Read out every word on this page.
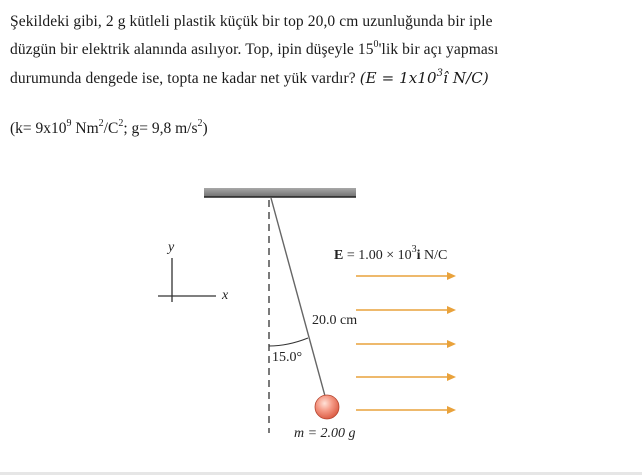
Şekildeki gibi, 2 g kütleli plastik küçük bir top 20,0 cm uzunluğunda bir iple
düzgün bir elektrik alanında asılıyor. Top, ipin düşeyle $15^0'lik$ bir açı yapması
durumunda dengede ise, topta ne kadar net yük vardır? ($E = 1x10^3î$ N/C)
($k= 9x10^9$ $Nm^2/C^2$; g= 9,8 $m/s^2$)
y
x
$E = 1.00 \times 10^3i$ N/C
20.0 cm
15.0°
m = 2.00 g
